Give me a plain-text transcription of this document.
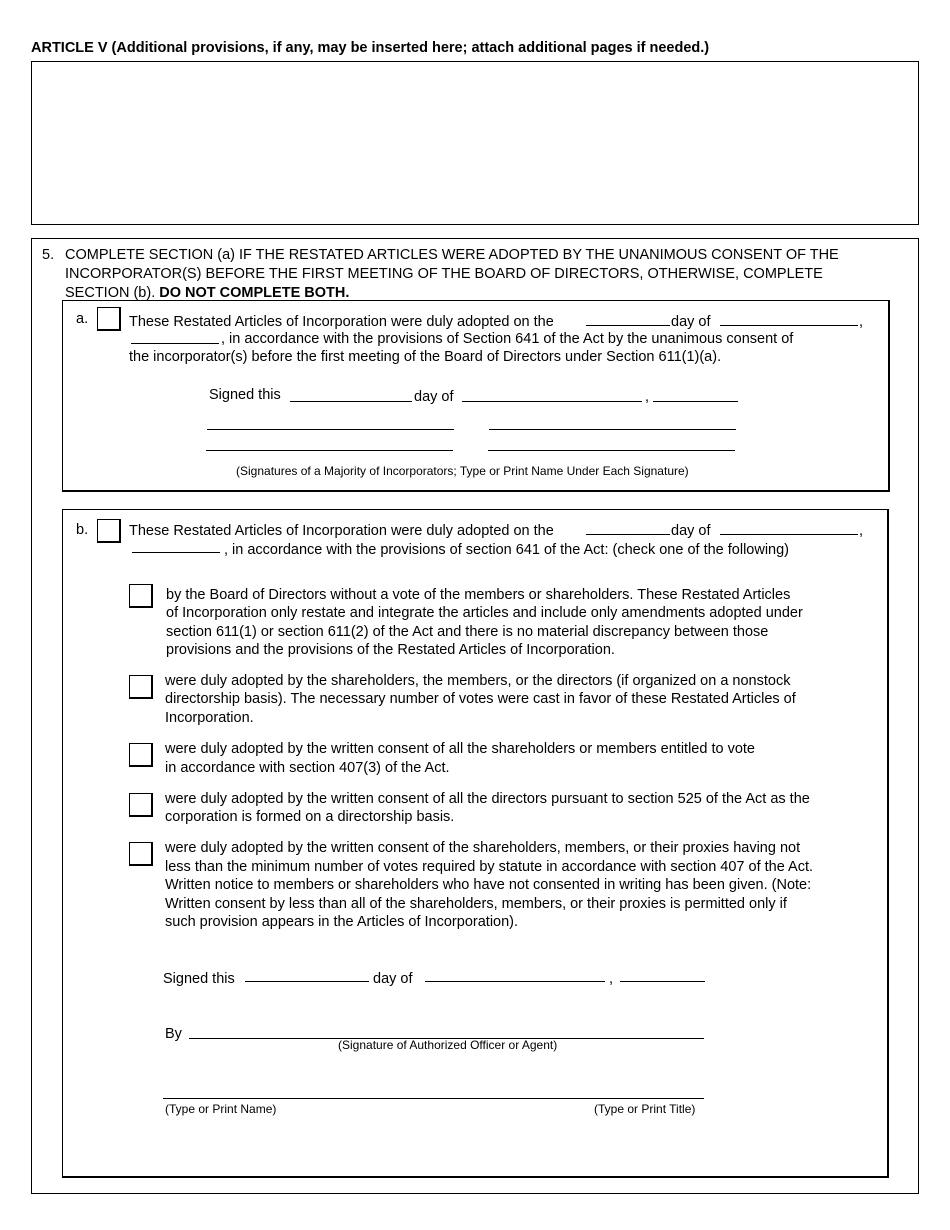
ARTICLE V (Additional provisions, if any, may be inserted here; attach additional pages if needed.)
5. COMPLETE SECTION (a) IF THE RESTATED ARTICLES WERE ADOPTED BY THE UNANIMOUS CONSENT OF THE
INCORPORATOR(S) BEFORE THE FIRST MEETING OF THE BOARD OF DIRECTORS, OTHERWISE, COMPLETE
SECTION (b). DO NOT COMPLETE BOTH.
a.	These Restated Articles of Incorporation were duly adopted on the	day of	,
, in accordance with the provisions of Section 641 of the Act by the unanimous consent of
the incorporator(s) before the first meeting of the Board of Directors under Section 611(1)(a).
Signed this	day of	,
(Signatures of a Majority of Incorporators; Type or Print Name Under Each Signature)
b.	These Restated Articles of Incorporation were duly adopted on the	day of	,
, in accordance with the provisions of section 641 of the Act: (check one of the following)
by the Board of Directors without a vote of the members or shareholders. These Restated Articles
of Incorporation only restate and integrate the articles and include only amendments adopted under
section 611(1) or section 611(2) of the Act and there is no material discrepancy between those
provisions and the provisions of the Restated Articles of Incorporation.
were duly adopted by the shareholders, the members, or the directors (if organized on a nonstock
directorship basis). The necessary number of votes were cast in favor of these Restated Articles of
Incorporation.
were duly adopted by the written consent of all the shareholders or members entitled to vote
in accordance with section 407(3) of the Act.
were duly adopted by the written consent of all the directors pursuant to section 525 of the Act as the
corporation is formed on a directorship basis.
were duly adopted by the written consent of the shareholders, members, or their proxies having not
less than the minimum number of votes required by statute in accordance with section 407 of the Act.
Written notice to members or shareholders who have not consented in writing has been given. (Note:
Written consent by less than all of the shareholders, members, or their proxies is permitted only if
such provision appears in the Articles of Incorporation).
Signed this	day of	,
By
(Signature of Authorized Officer or Agent)
(Type or Print Name)	(Type or Print Title)
